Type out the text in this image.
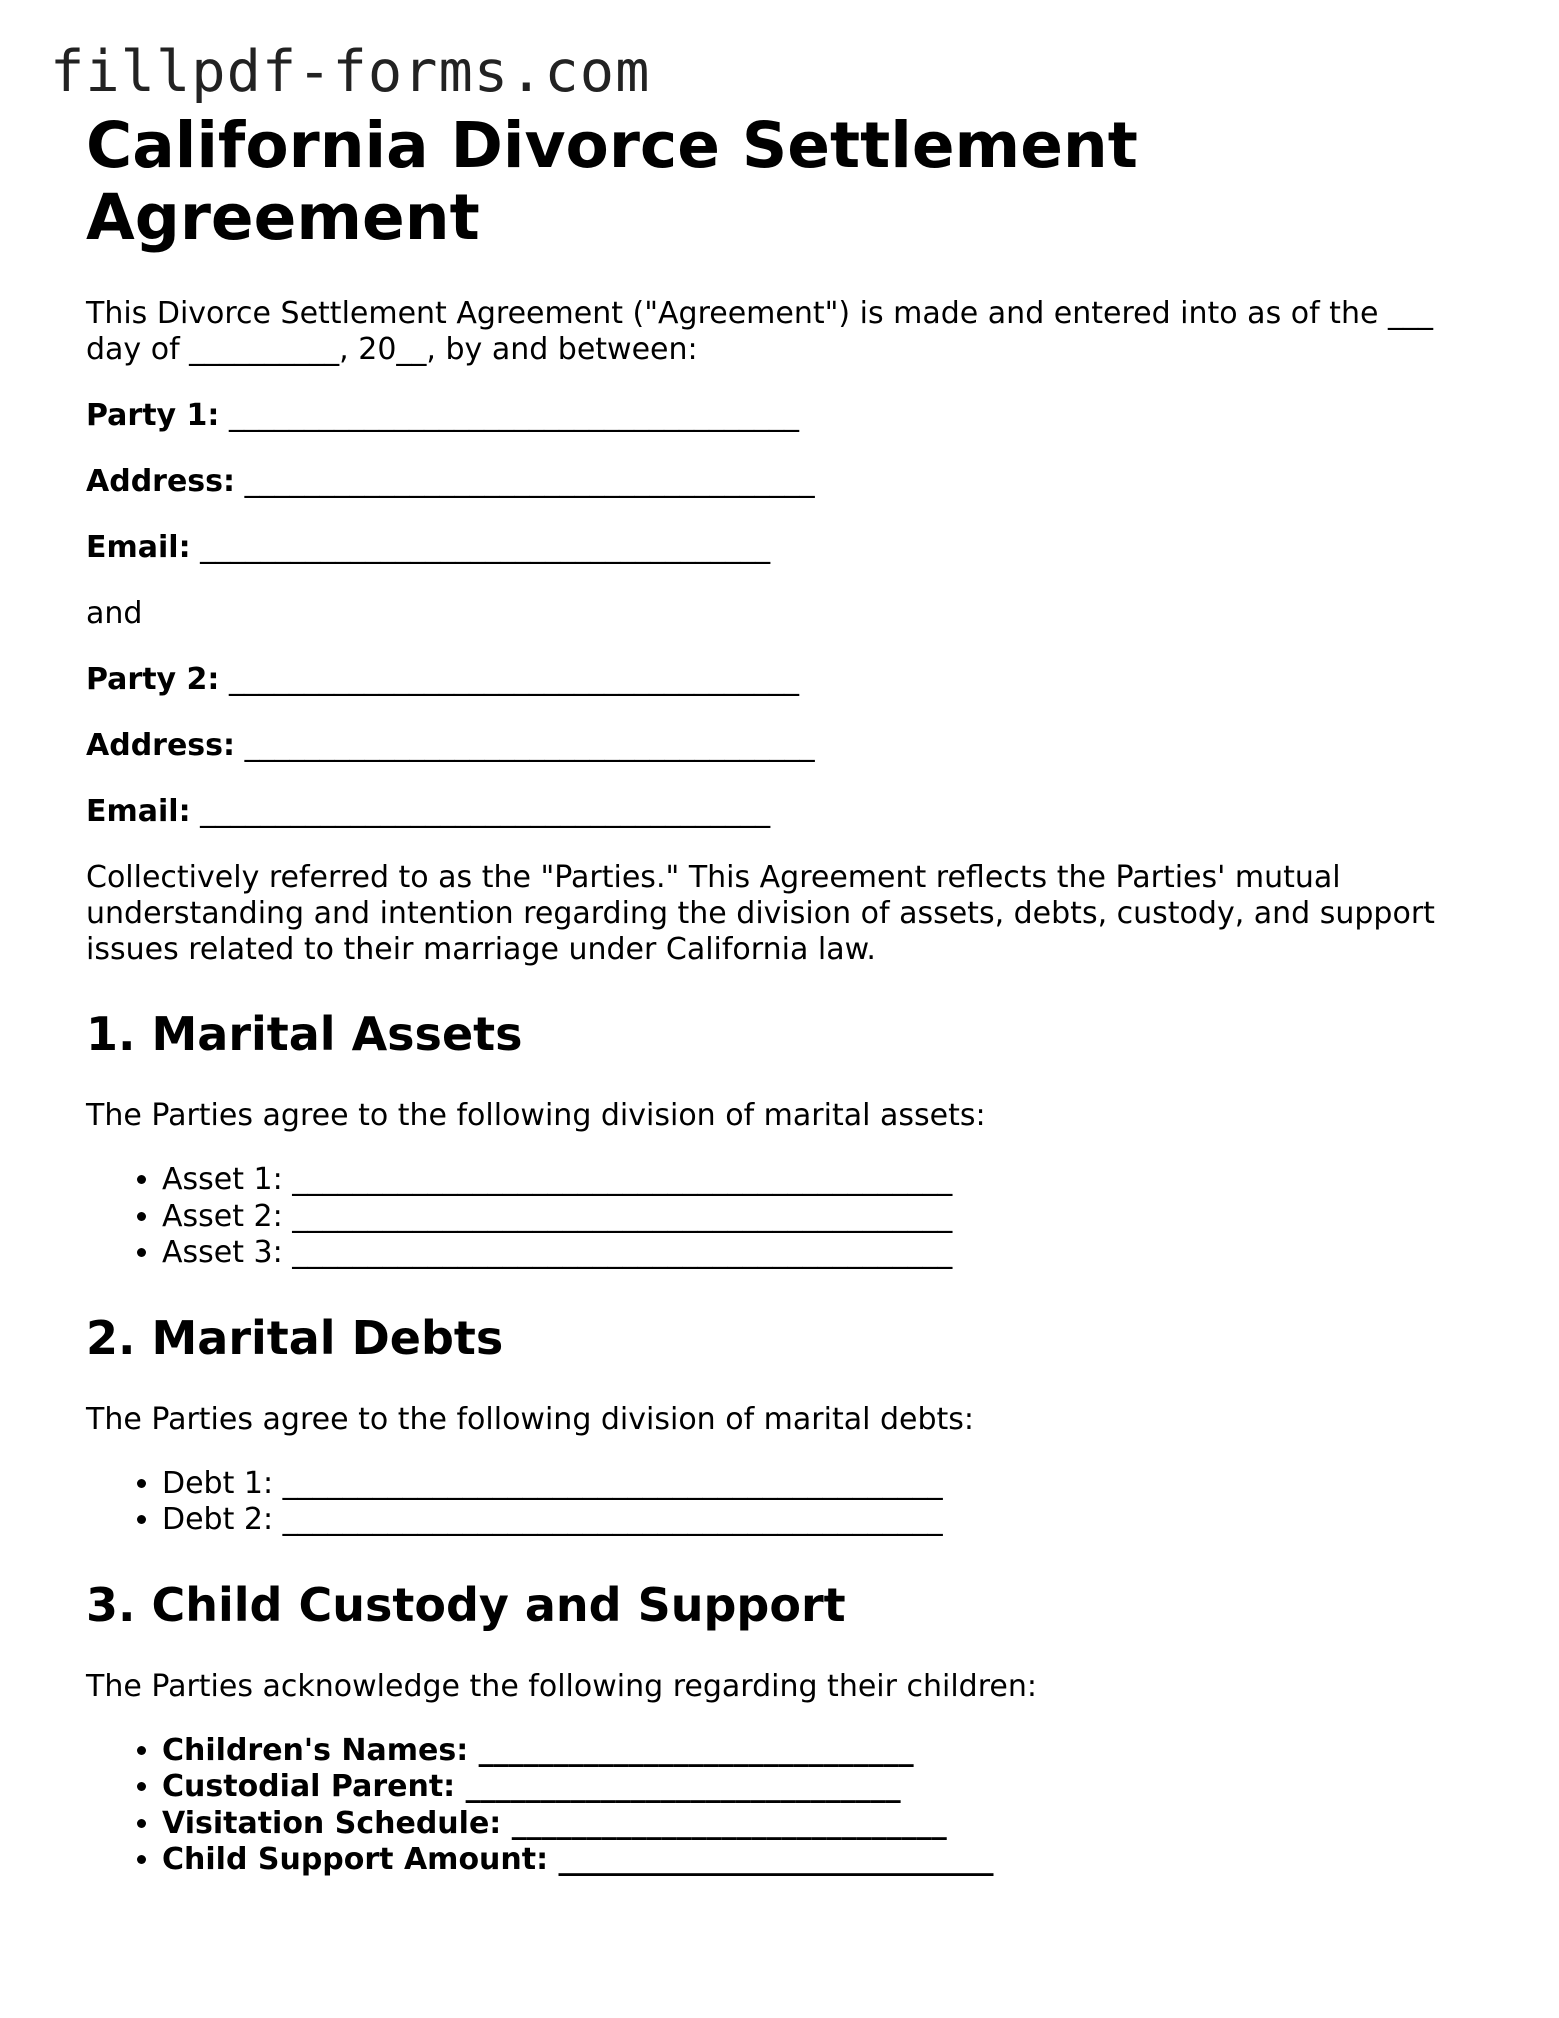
fillpdf-forms.com
California Divorce Settlement Agreement

This Divorce Settlement Agreement ("Agreement") is made and entered into as of the ___ day of __________, 20__, by and between:

Party 1: ______________________________________

Address: ______________________________________

Email: ______________________________________

and

Party 2: ______________________________________

Address: ______________________________________

Email: ______________________________________

Collectively referred to as the "Parties." This Agreement reflects the Parties' mutual understanding and intention regarding the division of assets, debts, custody, and support issues related to their marriage under California law.

1. Marital Assets

The Parties agree to the following division of marital assets:

• Asset 1: ____________________________________________
• Asset 2: ____________________________________________
• Asset 3: ____________________________________________
2. Marital Debts

The Parties agree to the following division of marital debts:

• Debt 1: ____________________________________________
• Debt 2: ____________________________________________
3. Child Custody and Support

The Parties acknowledge the following regarding their children:

• Children's Names: _____________________________
• Custodial Parent: _____________________________
• Visitation Schedule: _____________________________
• Child Support Amount: _____________________________
